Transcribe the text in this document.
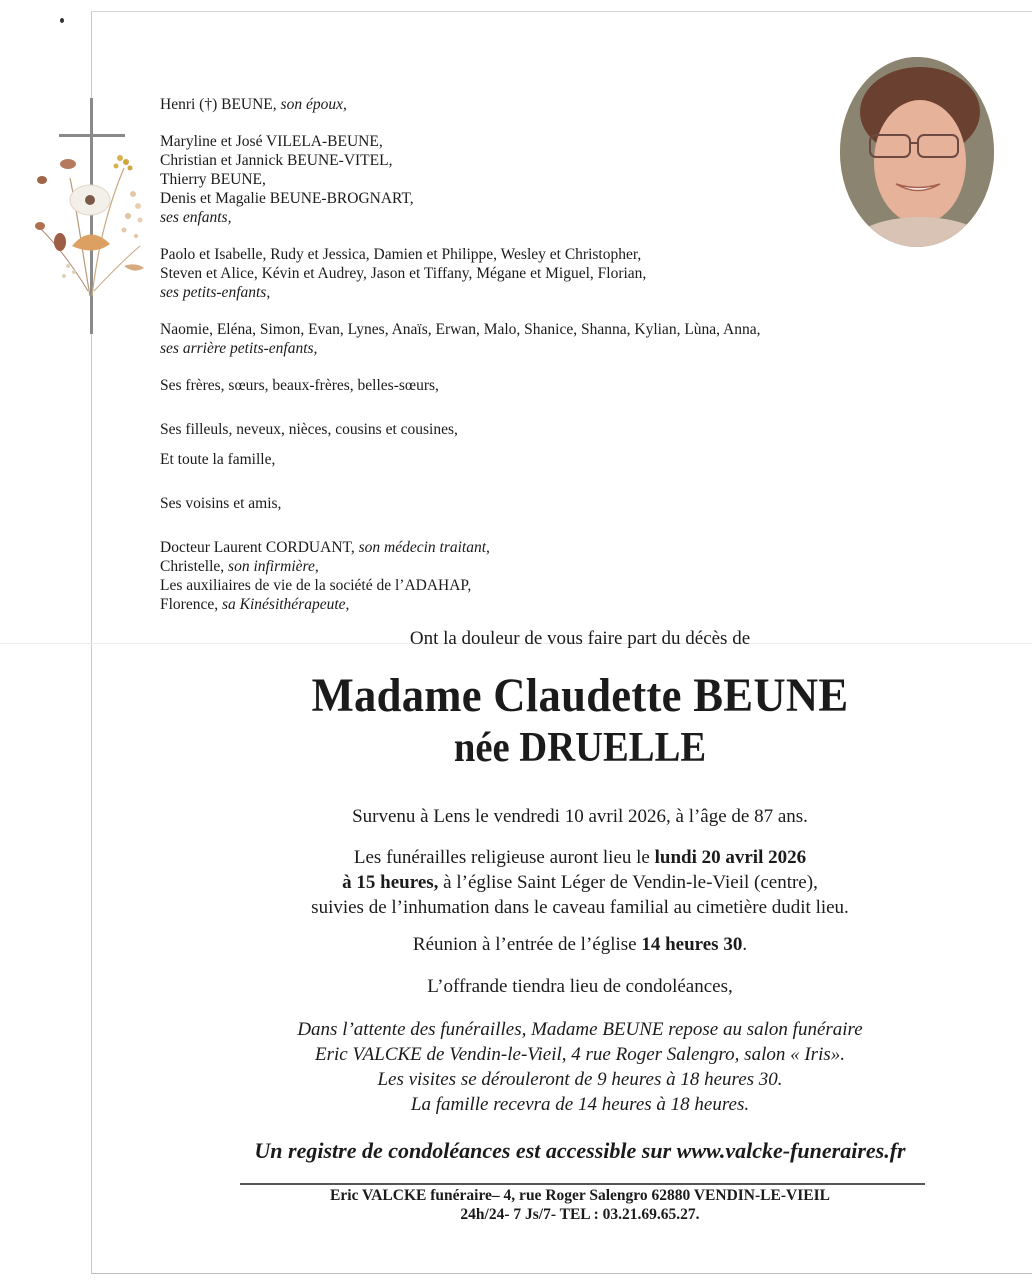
Henri (†) BEUNE, son époux,
Maryline et José VILELA-BEUNE,
Christian et Jannick BEUNE-VITEL,
Thierry BEUNE,
Denis et Magalie BEUNE-BROGNART,
ses enfants,
Paolo et Isabelle, Rudy et Jessica, Damien et Philippe, Wesley et Christopher,
Steven et Alice, Kévin et Audrey, Jason et Tiffany, Mégane et Miguel, Florian,
ses petits-enfants,
Naomie, Eléna, Simon, Evan, Lynes, Anaïs, Erwan, Malo, Shanice, Shanna, Kylian, Lùna, Anna,
ses arrière petits-enfants,
Ses frères, sœurs, beaux-frères, belles-sœurs,
Ses filleuls, neveux, nièces, cousins et cousines,
Et toute la famille,
Ses voisins et amis,
Docteur Laurent CORDUANT, son médecin traitant,
Christelle, son infirmière,
Les auxiliaires de vie de la société de l’ADAHAP,
Florence, sa Kinésithérapeute,
Ont la douleur de vous faire part du décès de
Madame Claudette BEUNE
née DRUELLE
Survenu à Lens le vendredi 10 avril 2026, à l’âge de 87 ans.
Les funérailles religieuse auront lieu le lundi 20 avril 2026
à 15 heures, à l’église Saint Léger de Vendin-le-Vieil (centre),
suivies de l’inhumation dans le caveau familial au cimetière dudit lieu.
Réunion à l’entrée de l’église 14 heures 30.
L’offrande tiendra lieu de condoléances,
Dans l’attente des funérailles, Madame BEUNE repose au salon funéraire
Eric VALCKE de Vendin-le-Vieil, 4 rue Roger Salengro, salon « Iris».
Les visites se dérouleront de 9 heures à 18 heures 30.
La famille recevra de 14 heures à 18 heures.
Un registre de condoléances est accessible sur www.valcke-funeraires.fr
Eric VALCKE funéraire– 4, rue Roger Salengro 62880 VENDIN-LE-VIEIL
24h/24- 7 Js/7- TEL : 03.21.69.65.27.
